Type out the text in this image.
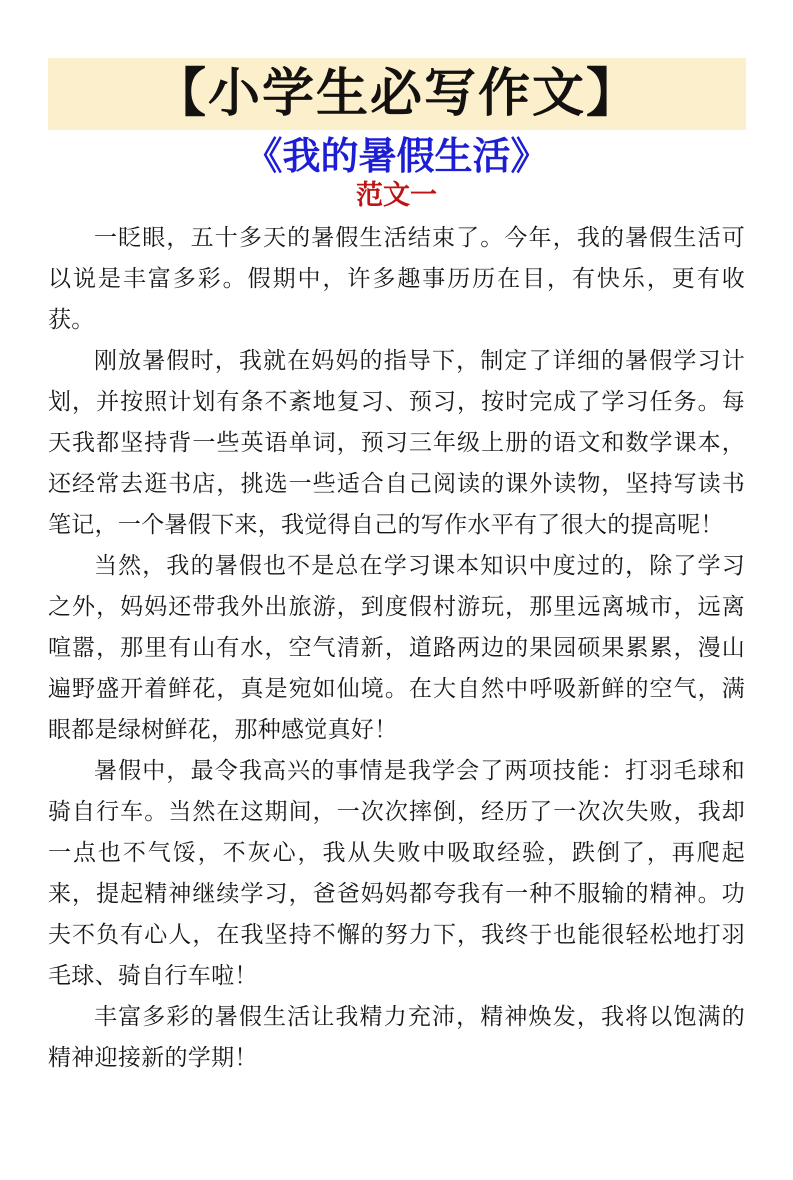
【小学生必写作文】
《我的暑假生活》
范文一

一眨眼，五十多天的暑假生活结束了。今年，我的暑假生活可以说是丰富多彩。假期中，许多趣事历历在目，有快乐，更有收获。

刚放暑假时，我就在妈妈的指导下，制定了详细的暑假学习计划，并按照计划有条不紊地复习、预习，按时完成了学习任务。每天我都坚持背一些英语单词，预习三年级上册的语文和数学课本，还经常去逛书店，挑选一些适合自己阅读的课外读物，坚持写读书笔记，一个暑假下来，我觉得自己的写作水平有了很大的提高呢！

当然，我的暑假也不是总在学习课本知识中度过的，除了学习之外，妈妈还带我外出旅游，到度假村游玩，那里远离城市，远离喧嚣，那里有山有水，空气清新，道路两边的果园硕果累累，漫山遍野盛开着鲜花，真是宛如仙境。在大自然中呼吸新鲜的空气，满眼都是绿树鲜花，那种感觉真好！

暑假中，最令我高兴的事情是我学会了两项技能：打羽毛球和骑自行车。当然在这期间，一次次摔倒，经历了一次次失败，我却一点也不气馁，不灰心，我从失败中吸取经验，跌倒了，再爬起来，提起精神继续学习，爸爸妈妈都夸我有一种不服输的精神。功夫不负有心人，在我坚持不懈的努力下，我终于也能很轻松地打羽毛球、骑自行车啦！

丰富多彩的暑假生活让我精力充沛，精神焕发，我将以饱满的精神迎接新的学期！
